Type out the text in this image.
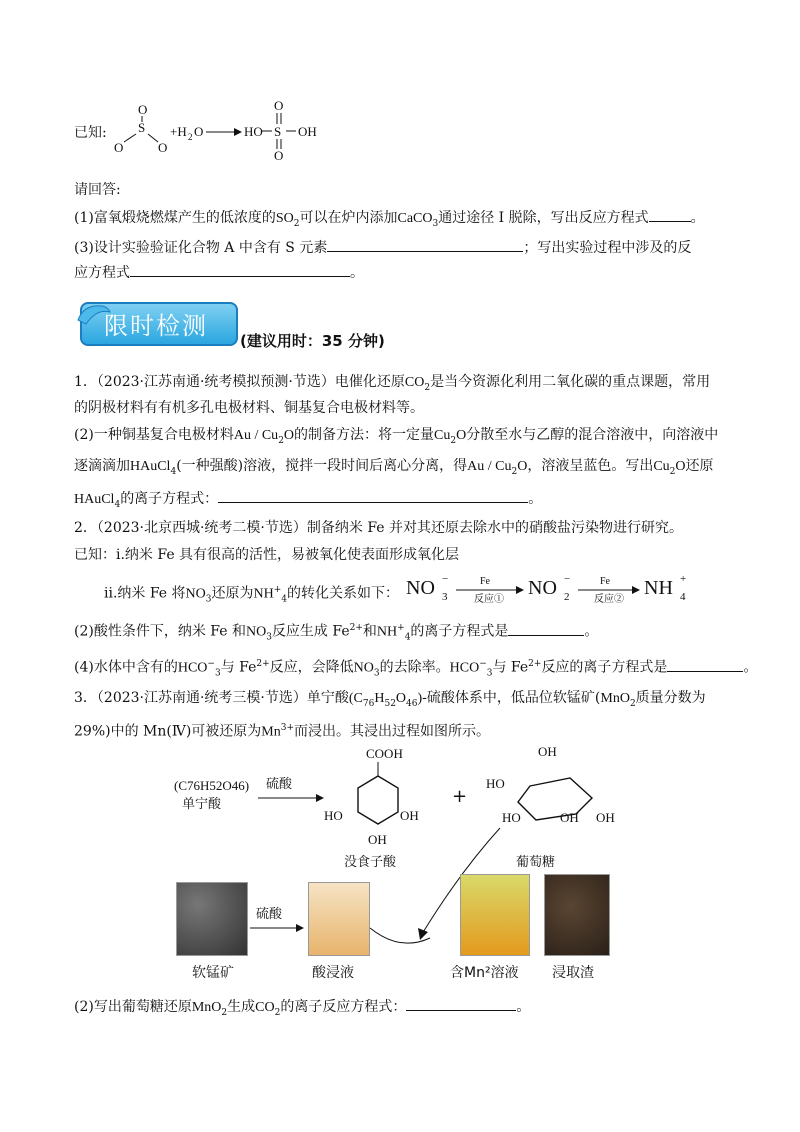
已知:
O
S
O	O
+H 2 O	HO
O
S
O
OH
请回答:
(1)富氧煅烧燃煤产生的低浓度的$SO_2$可以在炉内添加CaCO$_3$通过途径 I 脱除，写出反应方程式	。
(3)设计实验验证化合物 A 中含有 S 元素	；写出实验过程中涉及的反
应方程式	。
限时检测
(建议用时：35 分钟)
1．（2023·江苏南通·统考模拟预测·节选）电催化还原$CO_2$是当今资源化利用二氧化碳的重点课题，常用
的阴极材料有有机多孔电极材料、铜基复合电极材料等。
(2)一种铜基复合电极材料Au / $Cu_2O$的制备方法：将一定量$Cu_2O$分散至水与乙醇的混合溶液中，向溶液中
逐滴滴加HAuCl$_4$(一种强酸)溶液，搅拌一段时间后离心分离，得Au / $Cu_2O$，溶液呈蓝色。写出$Cu_2O$还原
HAuCl$_4$的离子方程式：	。
2．（2023·北京西城·统考二模·节选）制备纳米 Fe 并对其还原去除水中的硝酸盐污染物进行研究。
已知：i.纳米 Fe 具有很高的活性，易被氧化使表面形成氧化层
ii.纳米 Fe 将$NO_3$还原为$NH^+_4$的转化关系如下： NO 3
−	Fe
反应①
NO 2
−	Fe
反应②
NH 4
+
(2)酸性条件下，纳米 Fe 和$NO_3$反应生成 $Fe^{2+}$和$NH^+_4$的离子方程式是	。
(4)水体中含有的$HCO^-_3$与 $Fe^{2+}$反应，会降低$NO_3$的去除率。$HCO^-_3$与 $Fe^{2+}$反应的离子方程式是	。
3．（2023·江苏南通·统考三模·节选）单宁酸$(C_{76}H_{52}O_{46})-$硫酸体系中，低品位软锰矿(MnO$_2$质量分数为
29%)中的 Mn(Ⅳ)可被还原为$Mn^{3+}$而浸出。其浸出过程如图所示。
(C76H52O46)
单宁酸
硫酸
COOH
HO	OH
OH
没食子酸
+
OH
HO
HO	OH OH
葡萄糖
硫酸
软锰矿	酸浸液	含Mn²溶液 浸取渣
(2)写出葡萄糖还原MnO$_2$生成$CO_2$的离子反应方程式：	。
